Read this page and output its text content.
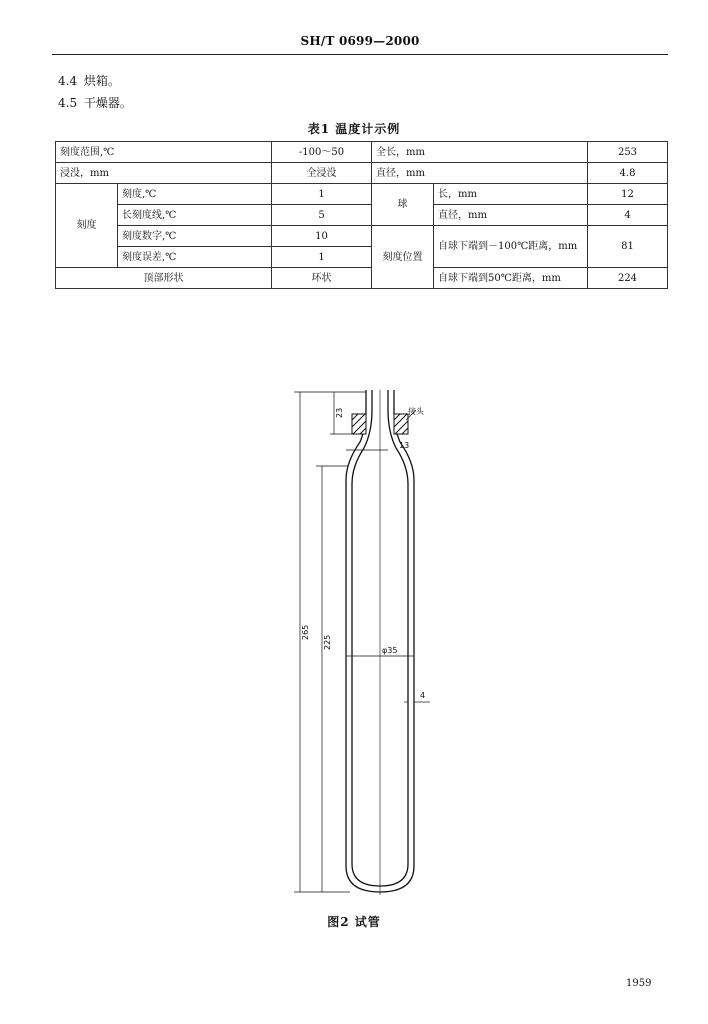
SH/T 0699—2000
4.4 烘箱。
4.5 干燥器。
表1 温度计示例
刻度范围,℃		-100～50	全长，mm		253
浸没，mm		全浸没	直径，mm		4.8
刻度	刻度,℃	1	球	长，mm	12
	长刻度线,℃	5		直径，mm	4
	刻度数字,℃	10	刻度位置	自球下端到－100℃距离，mm	81
	刻度误差,℃	1			
顶部形状		环状		自球下端到50℃距离，mm	224
265
225
23
13
φ35
4
接头
图2 试管
1959
